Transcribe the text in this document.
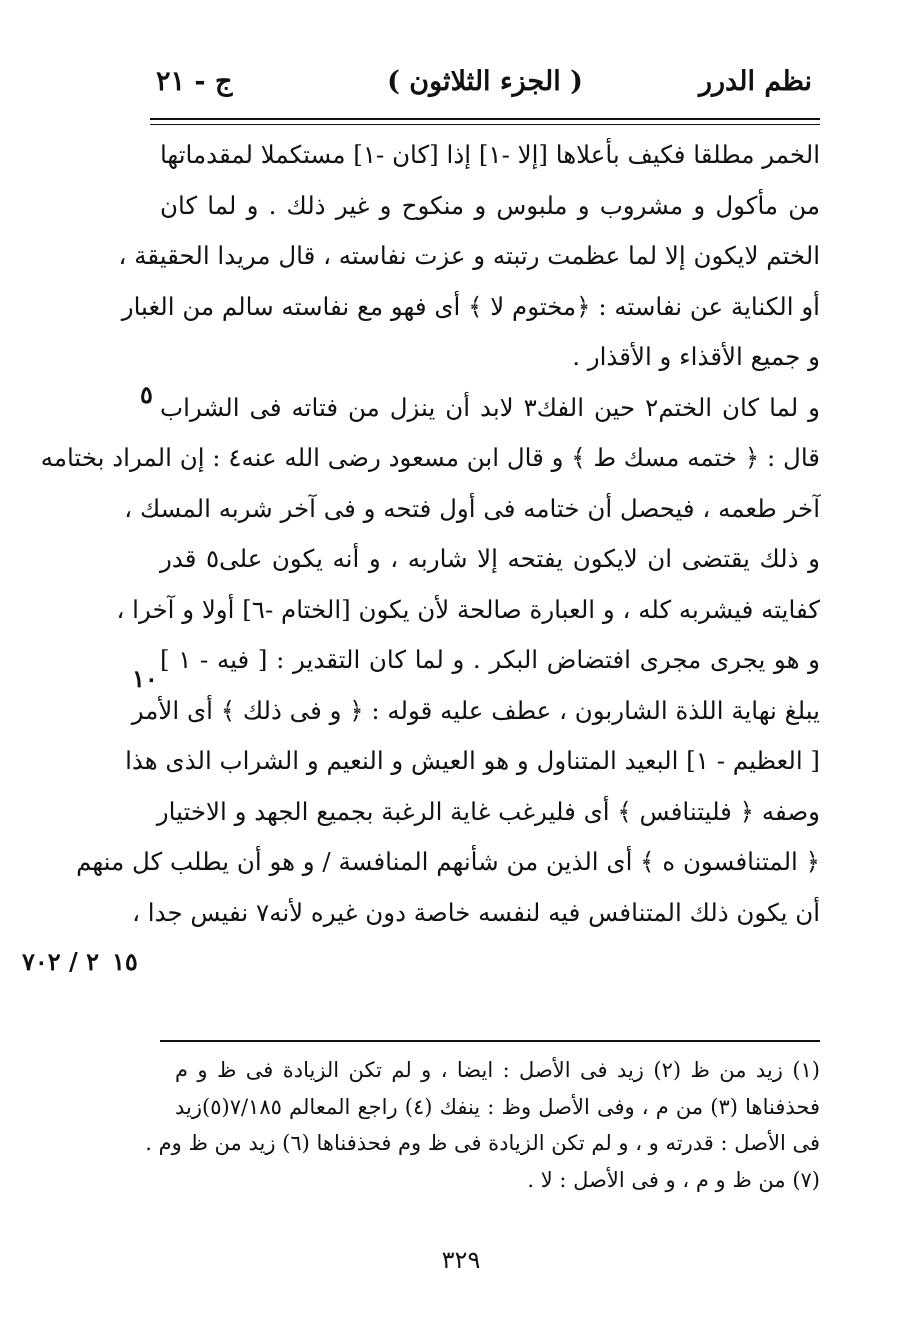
نظم الدرر
( الجزء الثلاثون )
ج - ٢١
الخمر مطلقا فكيف بأعلاها [إلا -١] إذا [كان -١] مستكملا لمقدماتها
من مأكول و مشروب و ملبوس و منكوح و غير ذلك . و لما كان
الختم لايكون إلا لما عظمت رتبته و عزت نفاسته ، قال مريدا الحقيقة ،
أو الكناية عن نفاسته : ﴿مختوم لا ﴾ أى فهو مع نفاسته سالم من الغبار
و جميع الأقذاء و الأقذار .
و لما كان الختم٢ حين الفك٣ لابد أن ينزل من فتاته فى الشراب
قال : ﴿ ختمه مسك ط ﴾ و قال ابن مسعود رضى الله عنه٤ : إن المراد بختامه
آخر طعمه ، فيحصل أن ختامه فى أول فتحه و فى آخر شربه المسك ،
و ذلك يقتضى ان لايكون يفتحه إلا شاربه ، و أنه يكون على٥ قدر
كفايته فيشربه كله ، و العبارة صالحة لأن يكون [الختام -٦] أولا و آخرا ،
و هو يجرى مجرى افتضاض البكر . و لما كان التقدير : [ فيه - ١ ]
يبلغ نهاية اللذة الشاربون ، عطف عليه قوله : ﴿ و فى ذلك ﴾ أى الأمر
[ العظيم - ١] البعيد المتناول و هو العيش و النعيم و الشراب الذى هذا
وصفه ﴿ فليتنافس ﴾ أى فليرغب غاية الرغبة بجميع الجهد و الاختيار
﴿ المتنافسون ه ﴾ أى الذين من شأنهم المنافسة / و هو أن يطلب كل منهم
أن يكون ذلك المتنافس فيه لنفسه خاصة دون غيره لأنه٧ نفيس جدا ،
٥
١٠
١٥
٢ / ٧٠٢
(١) زيد من ظ (٢) زيد فى الأصل : ايضا ، و لم تكن الزيادة فى ظ و م
فحذفناها (٣) من م ، وفى الأصل وظ : ينفك (٤) راجع المعالم ٧/١٨٥(٥)زيد
فى الأصل : قدرته و ، و لم تكن الزيادة فى ظ وم فحذفناها (٦) زيد من ظ وم .
(٧) من ظ و م ، و فى الأصل : لا .
٣٢٩
